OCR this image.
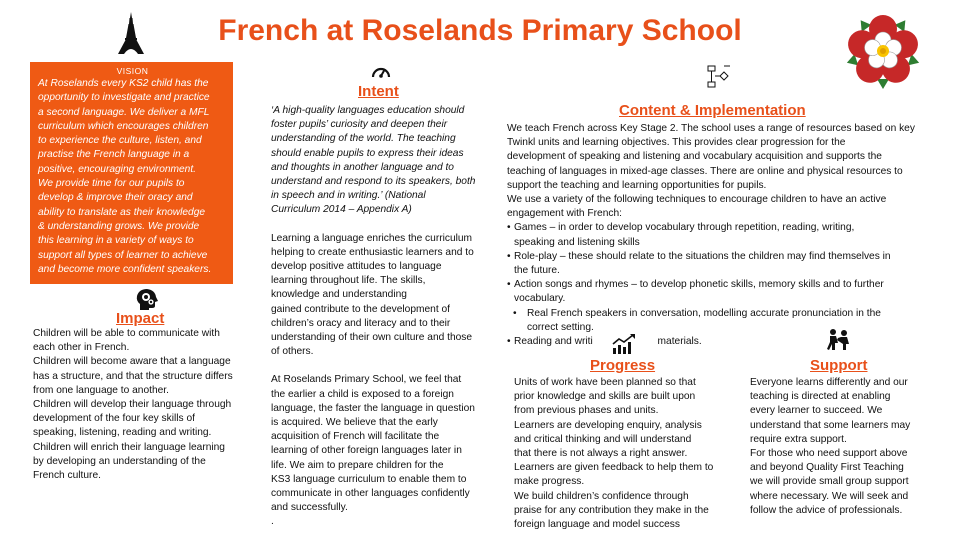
French at Roselands Primary School
VISION
At Roselands every KS2 child has the
opportunity to investigate and practice
a second language. We deliver a MFL
curriculum which encourages children
to experience the culture, listen, and
practise the French language in a
positive, encouraging environment.
We provide time for our pupils to
develop & improve their oracy and
ability to translate as their knowledge
& understanding grows. We provide
this learning in a variety of ways to
support all types of learner to achieve
and become more confident speakers.
Impact
Children will be able to communicate with
each other in French.
Children will become aware that a language
has a structure, and that the structure differs
from one language to another.
Children will develop their language through
development of the four key skills of
speaking, listening, reading and writing.
Children will enrich their language learning
by developing an understanding of the
French culture.
Intent
‘A high-quality languages education should
foster pupils’ curiosity and deepen their
understanding of the world. The teaching
should enable pupils to express their ideas
and thoughts in another language and to
understand and respond to its speakers, both
in speech and in writing.’ (National
Curriculum 2014 – Appendix A)
Learning a language enriches the curriculum
helping to create enthusiastic learners and to
develop positive attitudes to language
learning throughout life. The skills,
knowledge and understanding
gained contribute to the development of
children’s oracy and literacy and to their
understanding of their own culture and those
of others.
At Roselands Primary School, we feel that
the earlier a child is exposed to a foreign
language, the faster the language in question
is acquired. We believe that the early
acquisition of French will facilitate the
learning of other foreign languages later in
life. We aim to prepare children for the
KS3 language curriculum to enable them to
communicate in other languages confidently
and successfully.
.
Content & Implementation
We teach French across Key Stage 2. The school uses a range of resources based on key
Twinkl units and learning objectives. This provides clear progression for the
development of speaking and listening and vocabulary acquisition and supports the
teaching of languages in mixed-age classes. There are online and physical resources to
support the teaching and learning opportunities for pupils.
We use a variety of the following techniques to encourage children to have an active
engagement with French:
• Games – in order to develop vocabulary through repetition, reading, writing,
speaking and listening skills
• Role-play – these should relate to the situations the children may find themselves in
the future.
• Action songs and rhymes – to develop phonetic skills, memory skills and to further
vocabulary.
• Real French speakers in conversation, modelling accurate pronunciation in the
correct setting.
• Reading and writi	materials.
Progress
Units of work have been planned so that
prior knowledge and skills are built upon
from previous phases and units.
Learners are developing enquiry, analysis
and critical thinking and will understand
that there is not always a right answer.
Learners are given feedback to help them to
make progress.
We build children’s confidence through
praise for any contribution they make in the
foreign language and model success
Support
Everyone learns differently and our
teaching is directed at enabling
every learner to succeed. We
understand that some learners may
require extra support.
For those who need support above
and beyond Quality First Teaching
we will provide small group support
where necessary. We will seek and
follow the advice of professionals.
